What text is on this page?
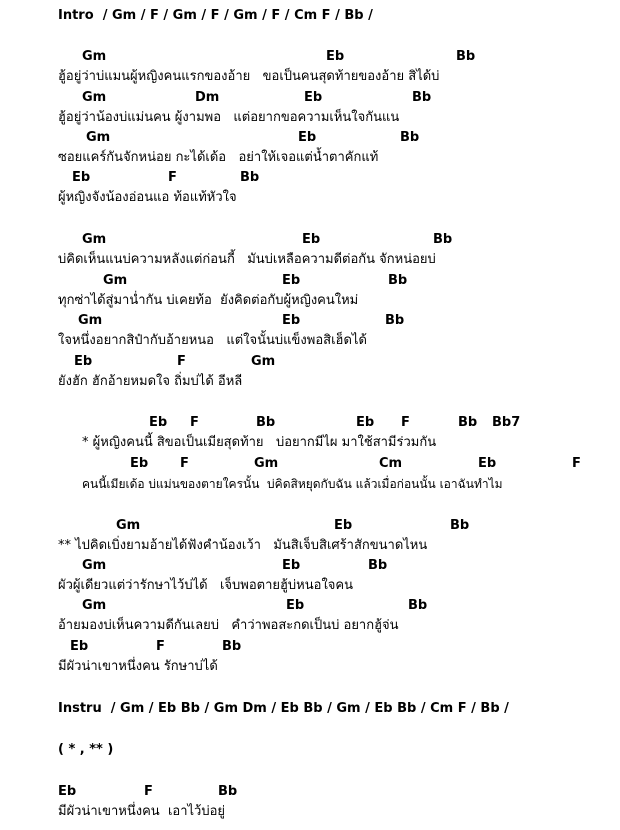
Intro  / Gm / F / Gm / F / Gm / F / Cm F / Bb /
Gm	Eb	Bb
ฮู้อยู่ว่าบ่แมนผู้หญิงคนแรกของอ้าย   ขอเป็นคนสุดท้ายของอ้าย สิได้บ่
Gm	Dm	Eb	Bb
ฮู้อยู่ว่าน้องบ่แม่นคน ผู้งามพอ   แต่อยากขอความเห็นใจกันแน
Gm	Eb	Bb
ซอยแคร์กันจักหน่อย กะได้เด้อ   อย่าให้เจอแต่น้ำตาคักแท้
Eb	F	Bb
ผู้หญิงจังน้องอ่อนแอ ท้อแท้หัวใจ
Gm	Eb	Bb
บ่คิดเห็นแนบ่ความหลังแต่ก่อนกี้   มันบ่เหลือความดีต่อกัน จักหน่อยบ่
Gm	Eb	Bb
ทุกซ่าได้สู่มาน่ำกัน บ่เคยท้อ  ยังคิดต่อกับผู้หญิงคนใหม่
Gm	Eb	Bb
ใจหนึ่งอยากสิป๋ากับอ้ายหนอ   แต่ใจนั้นบ่แข็งพอสิเฮ็ดได้
Eb	F	Gm
ยังฮัก ฮักอ้ายหมดใจ ถิ่มบ่ได้ อีหลี
Eb F	Bb	Eb F	Bb Bb7
* ผู้หญิงคนนี้ สิขอเป็นเมียสุดท้าย   บ่อยากมีไผ มาใช้สามีร่วมกัน
Eb F	Gm	Cm	Eb	F
คนนี้เมียเด้อ บ่แม่นของตายใครนั้น  บ่คิดสิหยุดกับฉัน แล้วเมื่อก่อนนั้น เอาฉันทำไม
Gm	Eb	Bb
** ไปคิดเบิ่งยามอ้ายได้ฟังคำน้องเว้า   มันสิเจ็บสิเศร้าสักขนาดไหน
Gm	Eb	Bb
ผัวผู้เดียวแต่ว่ารักษาไว้บ่ได้   เจ็บพอตายฮู้บ่หนอใจคน
Gm	Eb	Bb
อ้ายมองบ่เห็นความดีกันเลยบ่   คำว่าพอสะกดเป็นบ่ อยากฮู้จ่น
Eb	F	Bb
มีผัวน่าเขาหนึ่งคน รักษาบ่ได้
Instru  / Gm / Eb Bb / Gm Dm / Eb Bb / Gm / Eb Bb / Cm F / Bb /
( * , ** )
Eb	F	Bb
มีผัวน่าเขาหนึ่งคน  เอาไว้บ่อยู่
